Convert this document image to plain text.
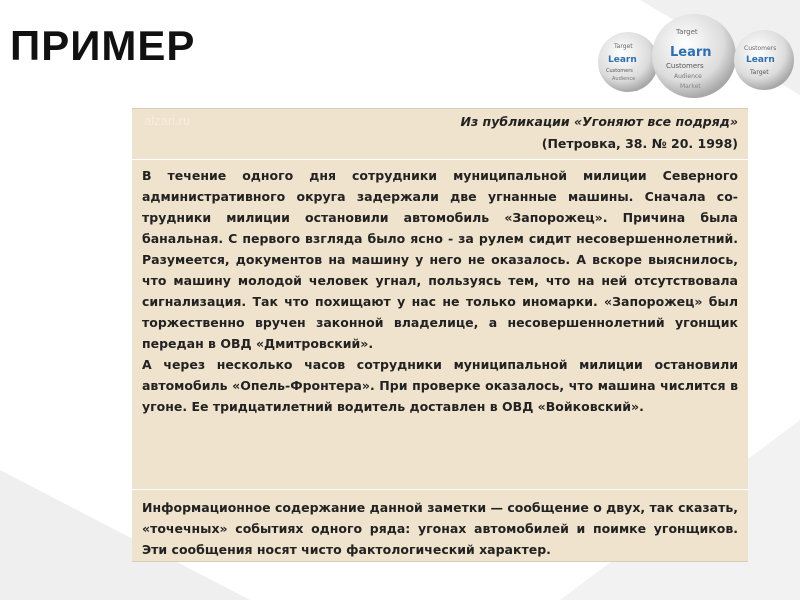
ПРИМЕР	Target
Learn
Customers
Audience
Target
Learn
Customers
Audience
Market
Customers
Learn
Target
alzari.ru	Из публикации «Угоняют все подряд»
(Петровка, 38. № 20. 1998)

В течение одного дня сотрудники муниципальной милиции Северного административного округа задержали две угнанные машины. Сначала со-трудники милиции остановили автомобиль «Запорожец». Причина была банальная. С первого взгляда было ясно - за рулем сидит несовершеннолетний. Разумеется, документов на машину у него не оказалось. А вскоре выяснилось, что машину молодой человек угнал, пользуясь тем, что на ней отсутствовала сигнализация. Так что похищают у нас не только иномарки. «Запорожец» был торжественно вручен законной владелице, а несовершеннолетний угонщик передан в ОВД «Дмитровский».

А через несколько часов сотрудники муниципальной милиции остановили автомобиль «Опель-Фронтера». При проверке оказалось, что машина числится в угоне. Ее тридцатилетний водитель доставлен в ОВД «Войковский».

Информационное содержание данной заметки — сообщение о двух, так сказать, «точечных» событиях одного ряда: угонах автомобилей и поимке угонщиков. Эти сообщения носят чисто фактологический характер.
